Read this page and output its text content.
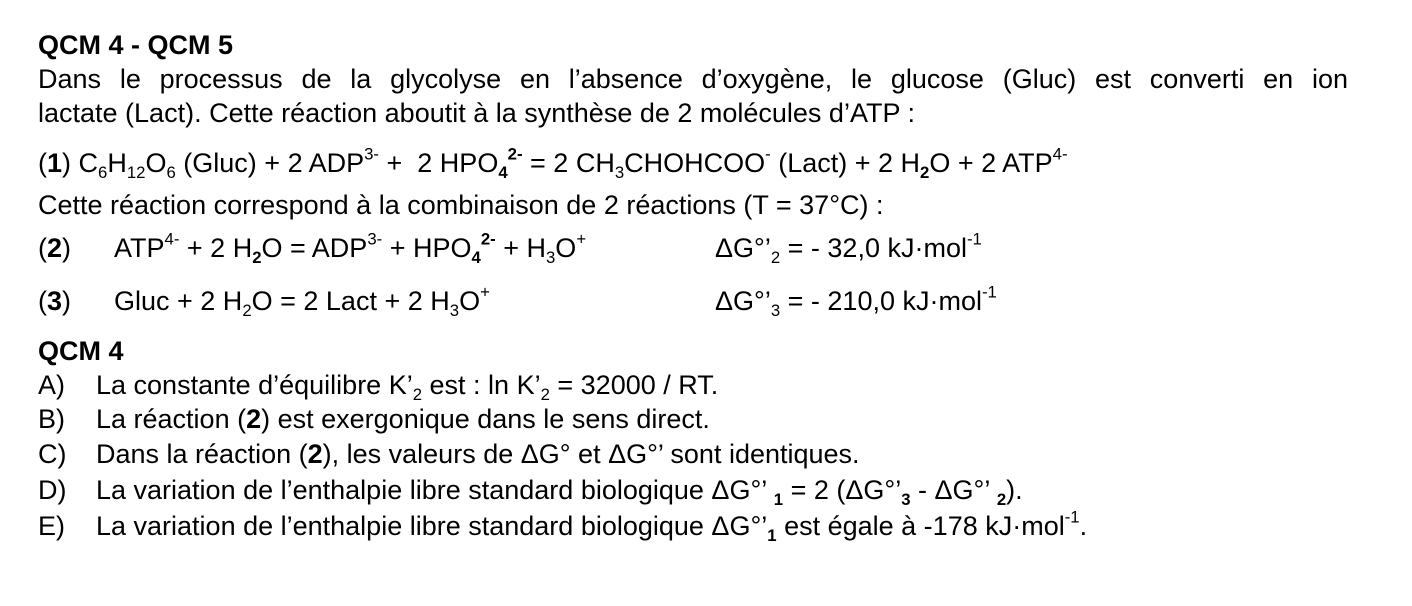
QCM 4 - QCM 5
Dans le processus de la glycolyse en l’absence d’oxygène, le glucose (Gluc) est converti en ion
lactate (Lact). Cette réaction aboutit à la synthèse de 2 molécules d’ATP :
(1) $C_6H_{12}O_6$ (Gluc) + 2 $ADP^{3-} + 2$ $HPO_4^{2-} = 2$ $CH_3CHOHCOO^-$ (Lact) + 2 $H_2O + 2$ $ATP^{4-}$
Cette réaction correspond à la combinaison de 2 réactions (T = 37°C) :
(2) $ATP^{4-} + 2$ $H_2O = ADP^{3-} + HPO_4^{2-} + H_3O^+$	$\Delta G^\circ’_2$ = - 32,0 kJ·mol$^{-1}$
(3) Gluc + 2 $H_2O = 2$ Lact + 2 $H_3O^+$	$\Delta G^\circ’_3$ = - 210,0 kJ·mol$^{-1}$
QCM 4
A) La constante d’équilibre $K’_2$ est : $\ln K’_2 = 32000$ / RT.
B) La réaction (2) est exergonique dans le sens direct.
C) Dans la réaction (2), les valeurs de ΔG° et ΔG°’ sont identiques.
D) La variation de l’enthalpie libre standard biologique ΔG°’ $_1$ = 2 ($\Delta G^\circ’_3 - \Delta G^\circ$’ $_2$).
E) La variation de l’enthalpie libre standard biologique $\Delta G^\circ’_1$ est égale à -178 kJ·mol$^{-1}$.
